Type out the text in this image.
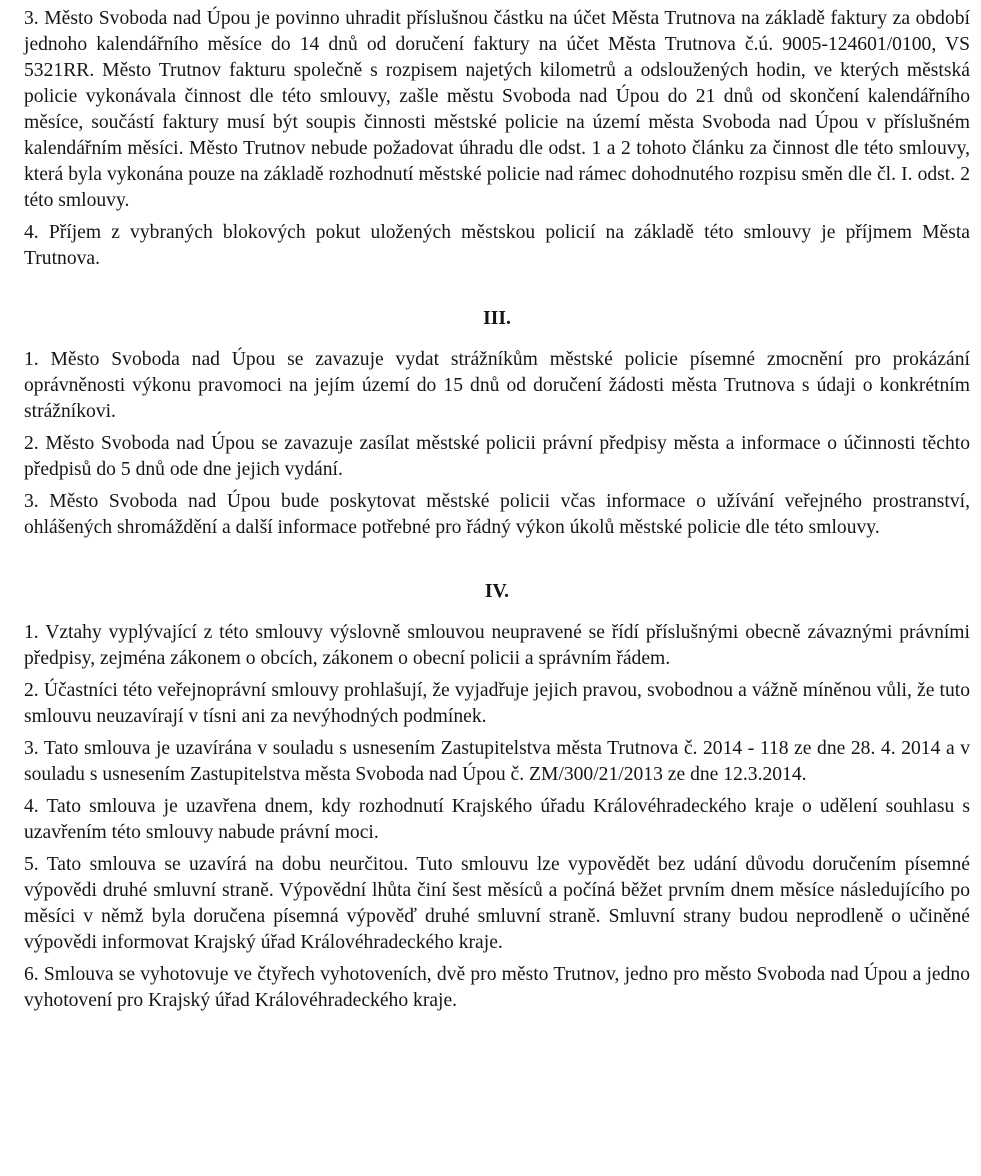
3. Město Svoboda nad Úpou je povinno uhradit příslušnou částku na účet Města Trutnova na základě faktury za období jednoho kalendářního měsíce do 14 dnů od doručení faktury na účet Města Trutnova č.ú. 9005-124601/0100, VS 5321RR. Město Trutnov fakturu společně s rozpisem najetých kilometrů a odsloužených hodin, ve kterých městská policie vykonávala činnost dle této smlouvy, zašle městu Svoboda nad Úpou do 21 dnů od skončení kalendářního měsíce, součástí faktury musí být soupis činnosti městské policie na území města Svoboda nad Úpou v příslušném kalendářním měsíci. Město Trutnov nebude požadovat úhradu dle odst. 1 a 2 tohoto článku za činnost dle této smlouvy, která byla vykonána pouze na základě rozhodnutí městské policie nad rámec dohodnutého rozpisu směn dle čl. I. odst. 2 této smlouvy.

4. Příjem z vybraných blokových pokut uložených městskou policií na základě této smlouvy je příjmem Města Trutnova.

III.

1. Město Svoboda nad Úpou se zavazuje vydat strážníkům městské policie písemné zmocnění pro prokázání oprávněnosti výkonu pravomoci na jejím území do 15 dnů od doručení žádosti města Trutnova s údaji o konkrétním strážníkovi.

2. Město Svoboda nad Úpou se zavazuje zasílat městské policii právní předpisy města a informace o účinnosti těchto předpisů do 5 dnů ode dne jejich vydání.

3. Město Svoboda nad Úpou bude poskytovat městské policii včas informace o užívání veřejného prostranství, ohlášených shromáždění a další informace potřebné pro řádný výkon úkolů městské policie dle této smlouvy.

IV.

1. Vztahy vyplývající z této smlouvy výslovně smlouvou neupravené se řídí příslušnými obecně závaznými právními předpisy, zejména zákonem o obcích, zákonem o obecní policii a správním řádem.

2. Účastníci této veřejnoprávní smlouvy prohlašují, že vyjadřuje jejich pravou, svobodnou a vážně míněnou vůli, že tuto smlouvu neuzavírají v tísni ani za nevýhodných podmínek.

3. Tato smlouva je uzavírána v souladu s usnesením Zastupitelstva města Trutnova č. 2014 - 118 ze dne 28. 4. 2014 a v souladu s usnesením Zastupitelstva města Svoboda nad Úpou č. ZM/300/21/2013 ze dne 12.3.2014.

4. Tato smlouva je uzavřena dnem, kdy rozhodnutí Krajského úřadu Královéhradeckého kraje o udělení souhlasu s uzavřením této smlouvy nabude právní moci.

5. Tato smlouva se uzavírá na dobu neurčitou. Tuto smlouvu lze vypovědět bez udání důvodu doručením písemné výpovědi druhé smluvní straně. Výpovědní lhůta činí šest měsíců a počíná běžet prvním dnem měsíce následujícího po měsíci v němž byla doručena písemná výpověď druhé smluvní straně. Smluvní strany budou neprodleně o učiněné výpovědi informovat Krajský úřad Královéhradeckého kraje.

6. Smlouva se vyhotovuje ve čtyřech vyhotoveních, dvě pro město Trutnov, jedno pro město Svoboda nad Úpou a jedno vyhotovení pro Krajský úřad Královéhradeckého kraje.
